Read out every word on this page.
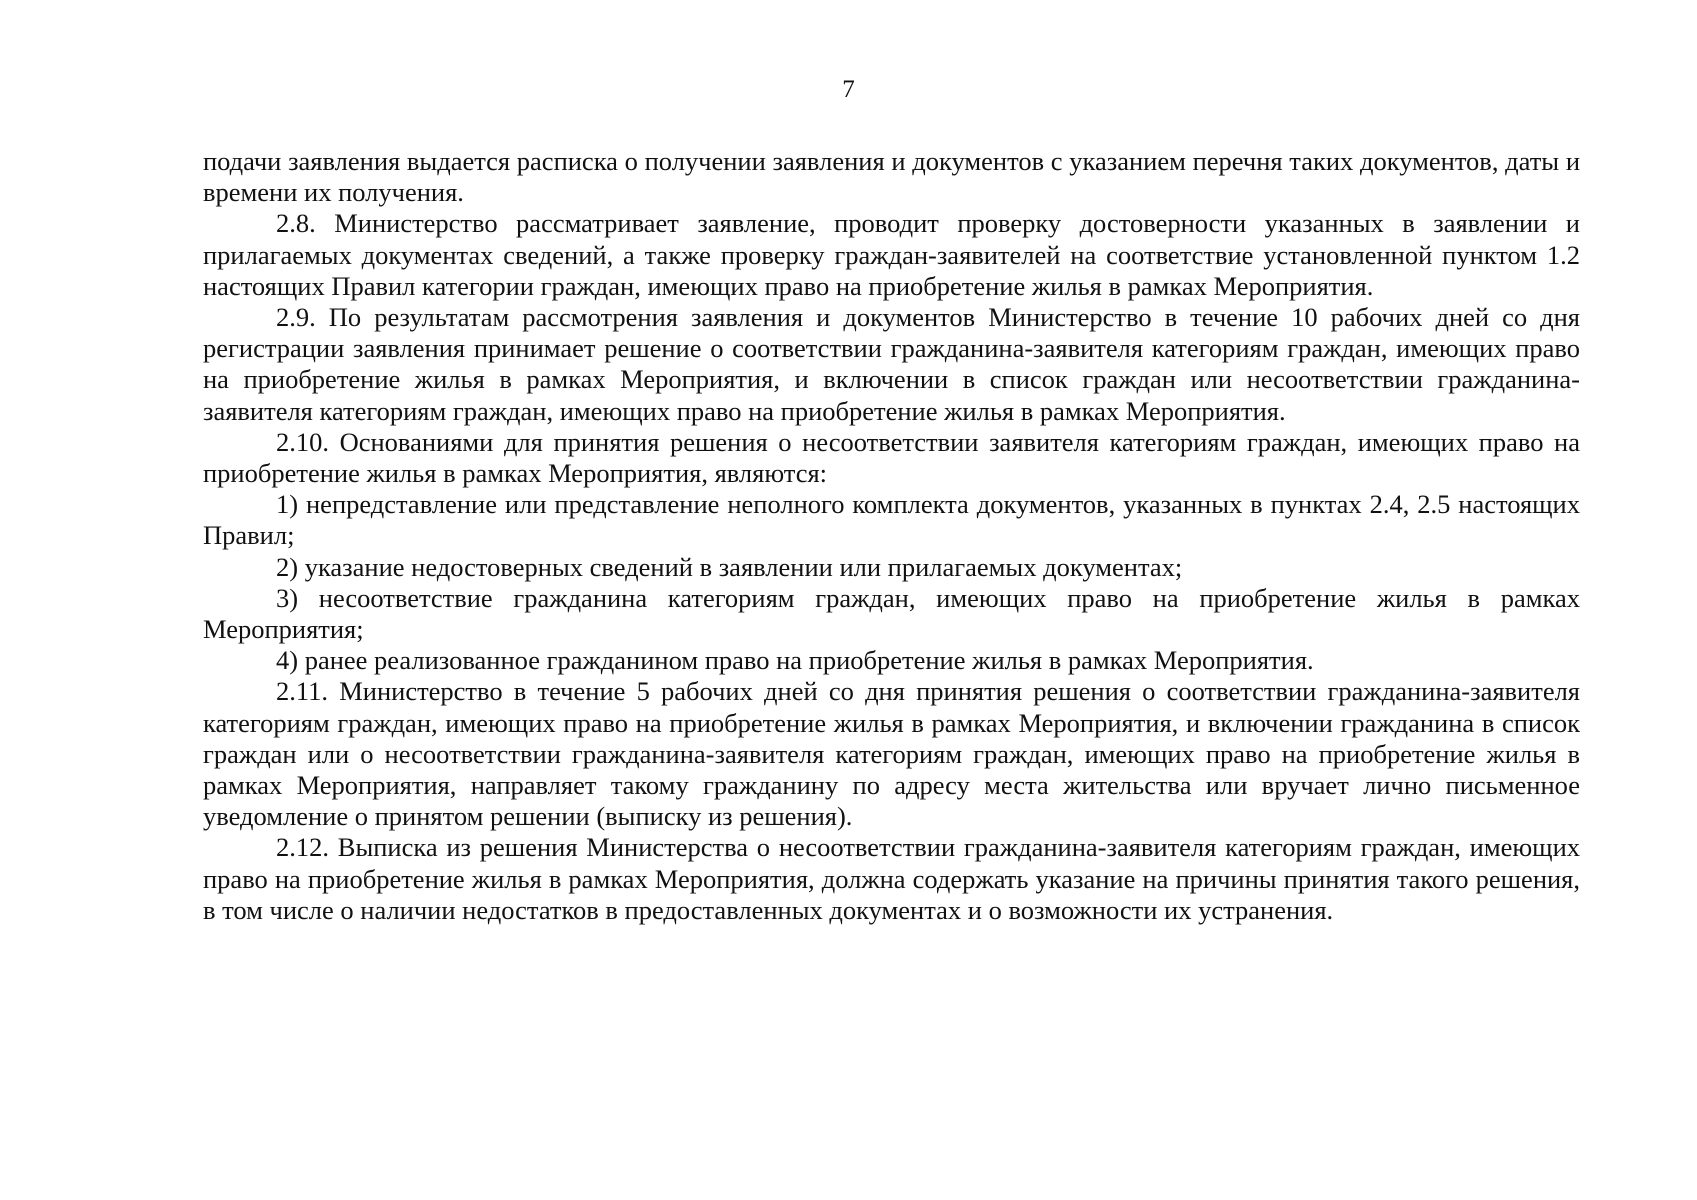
7

подачи заявления выдается расписка о получении заявления и документов с указанием перечня таких документов, даты и времени их получения.

2.8. Министерство рассматривает заявление, проводит проверку достоверности указанных в заявлении и прилагаемых документах сведений, а также проверку граждан-заявителей на соответствие установленной пунктом 1.2 настоящих Правил категории граждан, имеющих право на приобретение жилья в рамках Мероприятия.

2.9. По результатам рассмотрения заявления и документов Министерство в течение 10 рабочих дней со дня регистрации заявления принимает решение о соответствии гражданина-заявителя категориям граждан, имеющих право на приобретение жилья в рамках Мероприятия, и включении в список граждан или несоответствии гражданина-заявителя категориям граждан, имеющих право на приобретение жилья в рамках Мероприятия.

2.10. Основаниями для принятия решения о несоответствии заявителя категориям граждан, имеющих право на приобретение жилья в рамках Мероприятия, являются:

1) непредставление или представление неполного комплекта документов, указанных в пунктах 2.4, 2.5 настоящих Правил;

2) указание недостоверных сведений в заявлении или прилагаемых документах;

3) несоответствие гражданина категориям граждан, имеющих право на приобретение жилья в рамках Мероприятия;

4) ранее реализованное гражданином право на приобретение жилья в рамках Мероприятия.

2.11. Министерство в течение 5 рабочих дней со дня принятия решения о соответствии гражданина-заявителя категориям граждан, имеющих право на приобретение жилья в рамках Мероприятия, и включении гражданина в список граждан или о несоответствии гражданина-заявителя категориям граждан, имеющих право на приобретение жилья в рамках Мероприятия, направляет такому гражданину по адресу места жительства или вручает лично письменное уведомление о принятом решении (выписку из решения).

2.12. Выписка из решения Министерства о несоответствии гражданина-заявителя категориям граждан, имеющих право на приобретение жилья в рамках Мероприятия, должна содержать указание на причины принятия такого решения, в том числе о наличии недостатков в предоставленных документах и о возможности их устранения.
